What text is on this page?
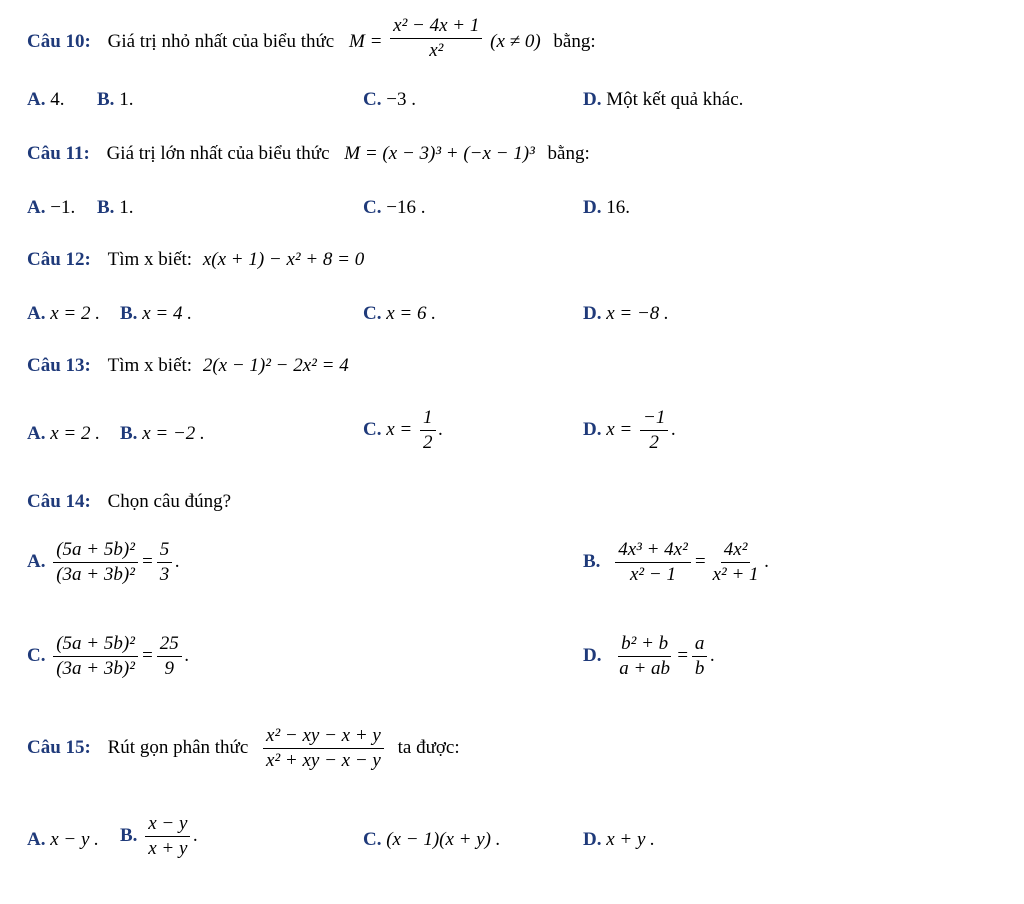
Câu 10: Giá trị nhỏ nhất của biểu thức $M = \frac{\text{x² − 4x + 1}}{\text{x²}} (x \ne 0)$ bằng:
A. 4. B. 1.	C. −3 .	D. Một kết quả khác.
Câu 11: Giá trị lớn nhất của biểu thức M = (x − 3)³ + (−x − 1)³ bằng:
A. −1. B. 1.	C. −16 .	D. 16.
Câu 12: Tìm x biết: x(x + 1) − x² + 8 = 0
A. x = 2 . B. x = 4 .	C. x = 6 .	D. x = −8 .
Câu 13: Tìm x biết: 2(x − 1)² − 2x² = 4
A. x = 2 . B. x = −2 .	C. $x = \frac{1}{2}$ .	D. $x = \frac{-1}{2}$ .
Câu 14: Chọn câu đúng?
A. $\frac{\text{(5a + 5b)²}}{\text{(3a + 3b)²}} = \frac{5}{3}$ .	B. $\frac{\text{4x³ + 4x²}}{\text{x² − 1}} = \frac{\text{4x²}}{\text{x² + 1}}$ .
C. $\frac{\text{(5a + 5b)²}}{\text{(3a + 3b)²}} = \frac{25}{9}$ .	D. $\frac{\text{b² + b}}{a + ab} = \frac{a}{b}$ .
Câu 15: Rút gọn phân thức $\frac{\text{x² − xy − x + y}}{\text{x² + xy − x − y}}$ ta được:
A. x − y . B. $\frac{x - y}{x + y}$ .	C. (x − 1)(x + y) .	D. x + y .
